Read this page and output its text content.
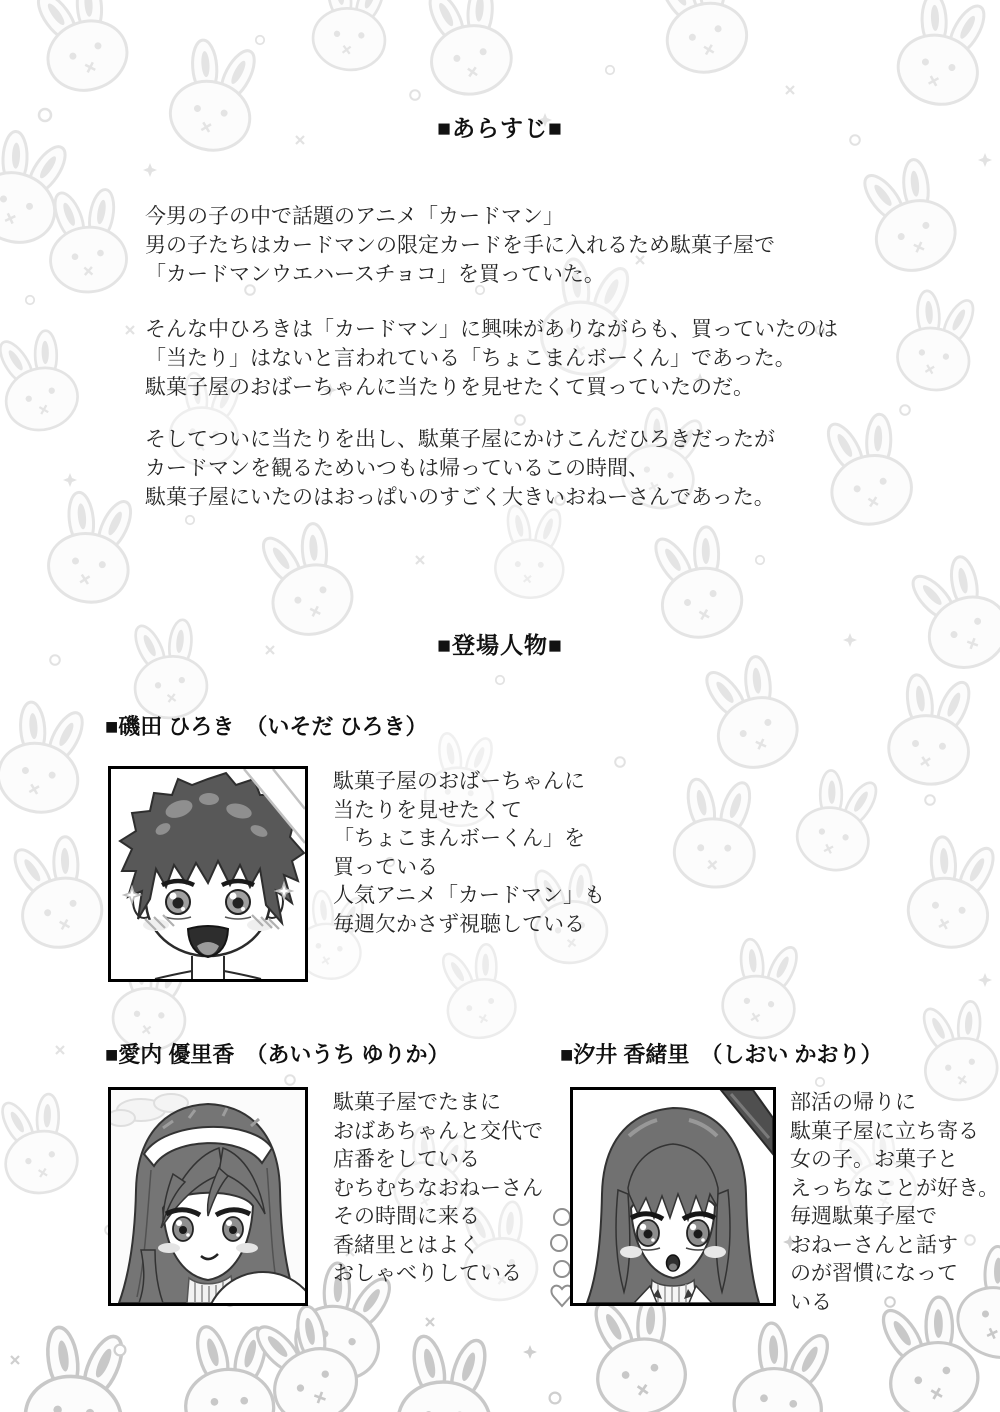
■あらすじ■
今男の子の中で話題のアニメ「カードマン」
男の子たちはカードマンの限定カードを手に入れるため駄菓子屋で
「カードマンウエハースチョコ」を買っていた。
そんな中ひろきは「カードマン」に興味がありながらも、買っていたのは
「当たり」はないと言われている「ちょこまんボーくん」であった。
駄菓子屋のおばーちゃんに当たりを見せたくて買っていたのだ。
そしてついに当たりを出し、駄菓子屋にかけこんだひろきだったが
カードマンを観るためいつもは帰っているこの時間、
駄菓子屋にいたのはおっぱいのすごく大きいおねーさんであった。
■登場人物■
■磯田 ひろき　（いそだ ひろき）
駄菓子屋のおばーちゃんに
当たりを見せたくて
「ちょこまんボーくん」を
買っている
人気アニメ「カードマン」も
毎週欠かさず視聴している
■愛内 優里香　（あいうち ゆりか）	■汐井 香緒里　（しおい かおり）
駄菓子屋でたまに
おばあちゃんと交代で
店番をしている
むちむちなおねーさん
その時間に来る
香緒里とはよく
おしゃべりしている
部活の帰りに
駄菓子屋に立ち寄る
女の子。お菓子と
えっちなことが好き。
毎週駄菓子屋で
おねーさんと話す
のが習慣になって
いる
